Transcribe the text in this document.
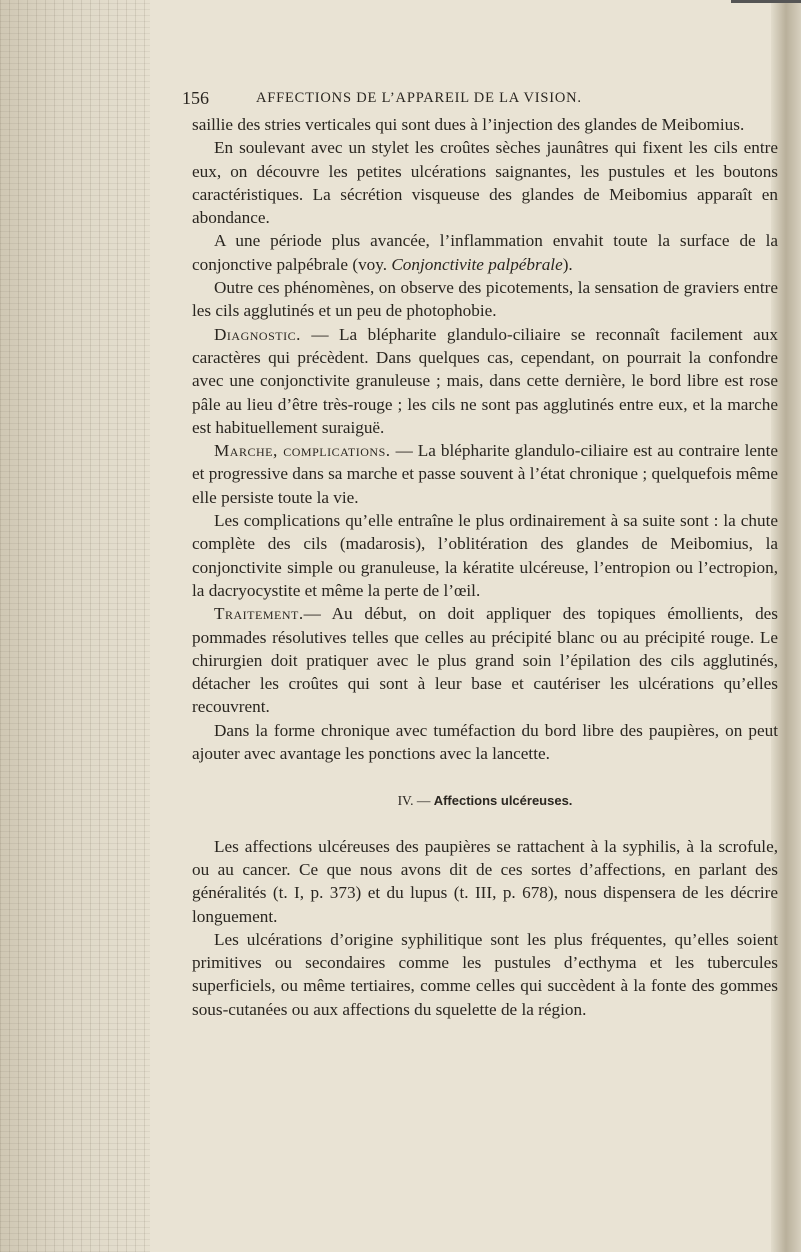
156	AFFECTIONS DE L’APPAREIL DE LA VISION.

saillie des stries verticales qui sont dues à l’injection des glandes de Meibomius.

En soulevant avec un stylet les croûtes sèches jaunâtres qui fixent les cils entre eux, on découvre les petites ulcérations saignantes, les pustules et les boutons caractéristiques. La sécrétion visqueuse des glandes de Meibomius apparaît en abondance.

A une période plus avancée, l’inflammation envahit toute la surface de la conjonctive palpébrale (voy. Conjonctivite palpébrale).

Outre ces phénomènes, on observe des picotements, la sensation de graviers entre les cils agglutinés et un peu de photophobie.

Diagnostic. — La blépharite glandulo-ciliaire se reconnaît facilement aux caractères qui précèdent. Dans quelques cas, cependant, on pourrait la confondre avec une conjonctivite granuleuse ; mais, dans cette dernière, le bord libre est rose pâle au lieu d’être très-rouge ; les cils ne sont pas agglutinés entre eux, et la marche est habituellement suraiguë.

Marche, complications. — La blépharite glandulo-ciliaire est au contraire lente et progressive dans sa marche et passe souvent à l’état chronique ; quelquefois même elle persiste toute la vie.

Les complications qu’elle entraîne le plus ordinairement à sa suite sont : la chute complète des cils (madarosis), l’oblitération des glandes de Meibomius, la conjonctivite simple ou granuleuse, la kératite ulcéreuse, l’entropion ou l’ectropion, la dacryocystite et même la perte de l’œil.

Traitement.— Au début, on doit appliquer des topiques émollients, des pommades résolutives telles que celles au précipité blanc ou au précipité rouge. Le chirurgien doit pratiquer avec le plus grand soin l’épilation des cils agglutinés, détacher les croûtes qui sont à leur base et cautériser les ulcérations qu’elles recouvrent.

Dans la forme chronique avec tuméfaction du bord libre des paupières, on peut ajouter avec avantage les ponctions avec la lancette.

IV. — Affections ulcéreuses.

Les affections ulcéreuses des paupières se rattachent à la syphilis, à la scrofule, ou au cancer. Ce que nous avons dit de ces sortes d’affections, en parlant des généralités (t. I, p. 373) et du lupus (t. III, p. 678), nous dispensera de les décrire longuement.

Les ulcérations d’origine syphilitique sont les plus fréquentes, qu’elles soient primitives ou secondaires comme les pustules d’ecthyma et les tubercules superficiels, ou même tertiaires, comme celles qui succèdent à la fonte des gommes sous-cutanées ou aux affections du squelette de la région.
